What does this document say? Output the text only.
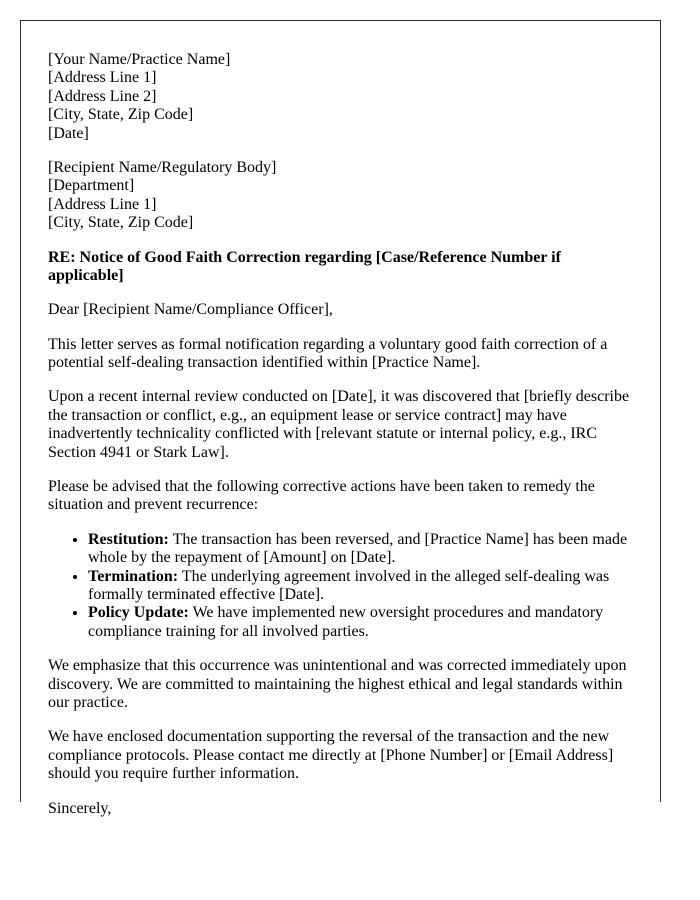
[Your Name/Practice Name]
[Address Line 1]
[Address Line 2]
[City, State, Zip Code]
[Date]

[Recipient Name/Regulatory Body]
[Department]
[Address Line 1]
[City, State, Zip Code]

RE: Notice of Good Faith Correction regarding [Case/Reference Number if applicable]

Dear [Recipient Name/Compliance Officer],

This letter serves as formal notification regarding a voluntary good faith correction of a potential self-dealing transaction identified within [Practice Name].

Upon a recent internal review conducted on [Date], it was discovered that [briefly describe the transaction or conflict, e.g., an equipment lease or service contract] may have inadvertently technicality conflicted with [relevant statute or internal policy, e.g., IRC Section 4941 or Stark Law].

Please be advised that the following corrective actions have been taken to remedy the situation and prevent recurrence:

• Restitution: The transaction has been reversed, and [Practice Name] has been made whole by the repayment of [Amount] on [Date].
• Termination: The underlying agreement involved in the alleged self-dealing was formally terminated effective [Date].
• Policy Update: We have implemented new oversight procedures and mandatory compliance training for all involved parties.

We emphasize that this occurrence was unintentional and was corrected immediately upon discovery. We are committed to maintaining the highest ethical and legal standards within our practice.

We have enclosed documentation supporting the reversal of the transaction and the new compliance protocols. Please contact me directly at [Phone Number] or [Email Address] should you require further information.

Sincerely,
